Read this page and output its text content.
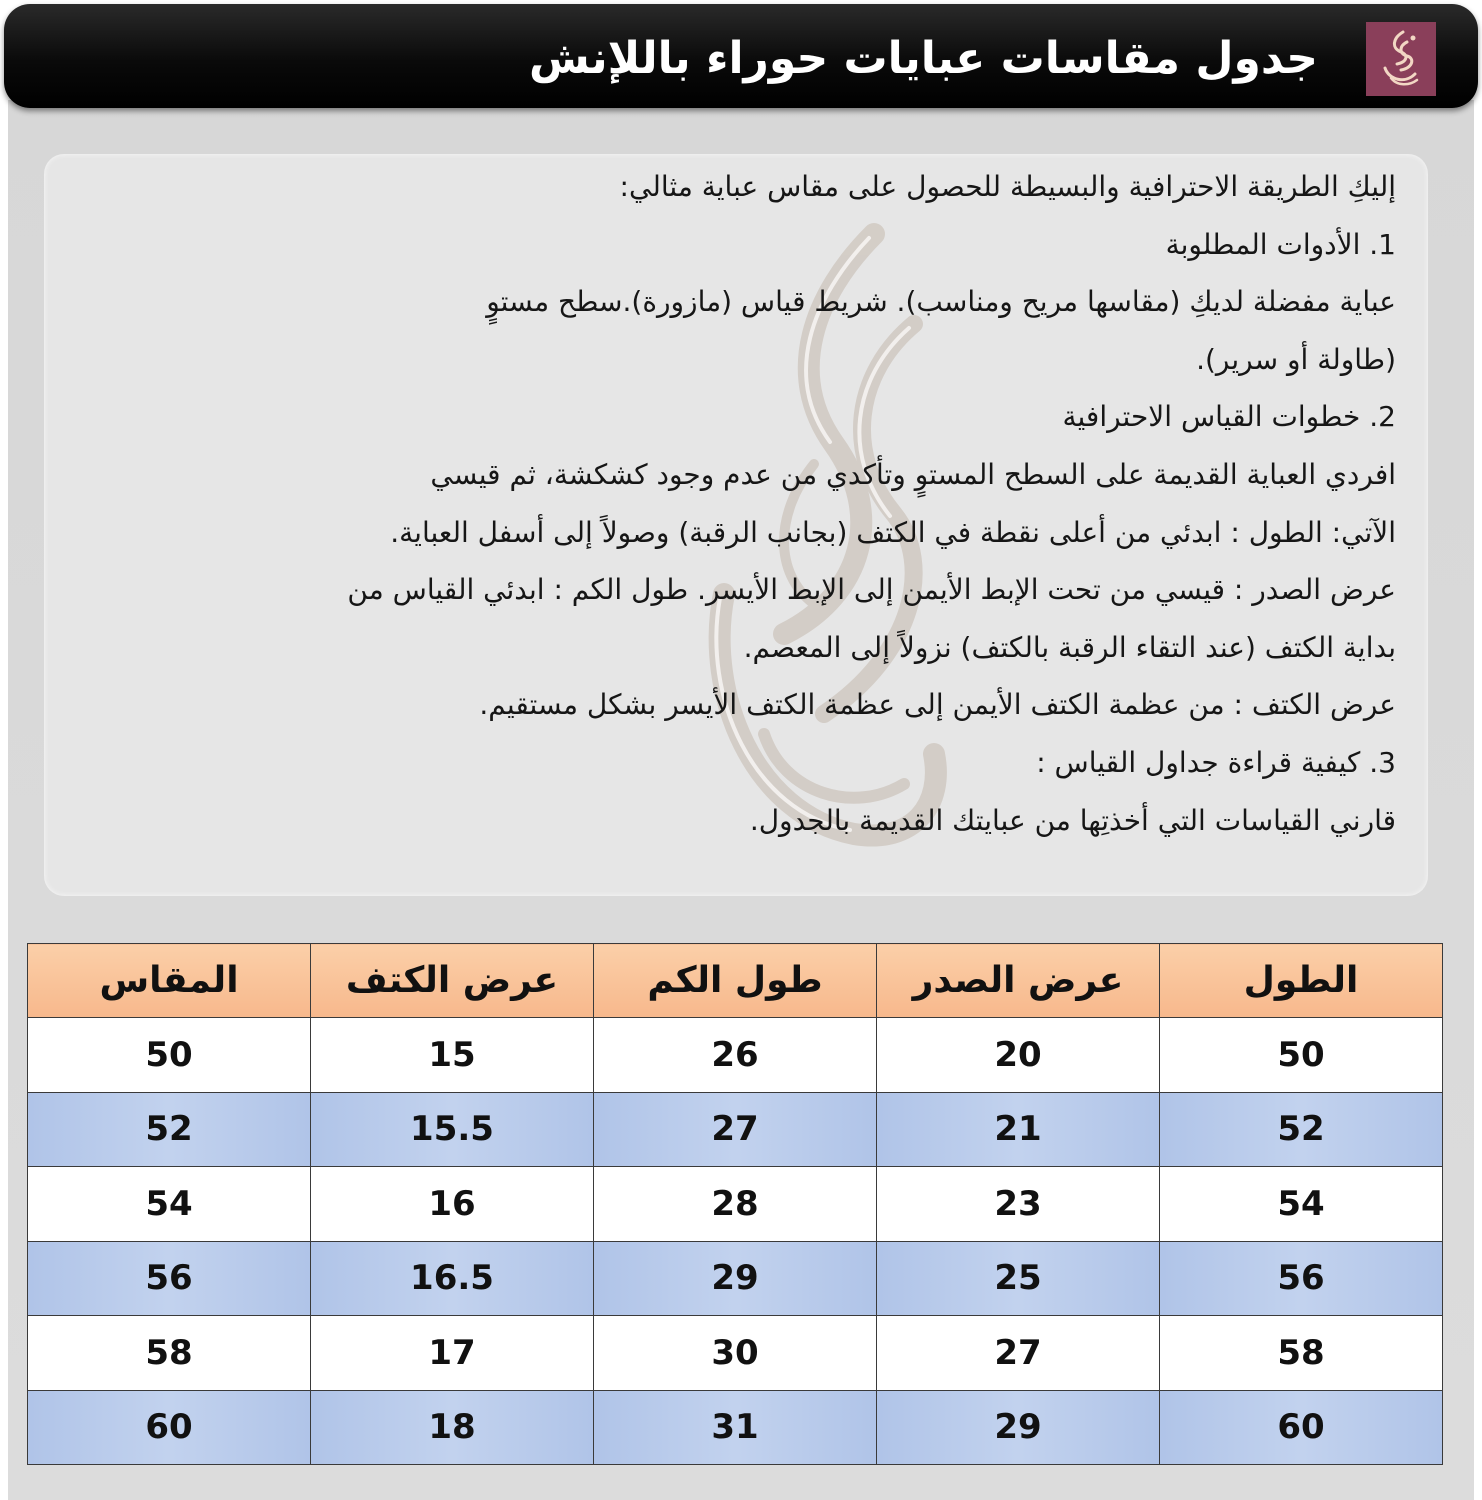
جدول مقاسات عبايات حوراء باللإنش
إليكِ الطريقة الاحترافية والبسيطة للحصول على مقاس عباية مثالي:
1. الأدوات المطلوبة
عباية مفضلة لديكِ (مقاسها مريح ومناسب). شريط قياس (مازورة).سطح مستوٍ
(طاولة أو سرير).
2. خطوات القياس الاحترافية
افردي العباية القديمة على السطح المستوٍ وتأكدي من عدم وجود كشكشة، ثم قيسي
الآتي: الطول : ابدئي من أعلى نقطة في الكتف (بجانب الرقبة) وصولاً إلى أسفل العباية.
عرض الصدر : قيسي من تحت الإبط الأيمن إلى الإبط الأيسر. طول الكم : ابدئي القياس من
بداية الكتف (عند التقاء الرقبة بالكتف) نزولاً إلى المعصم.
عرض الكتف : من عظمة الكتف الأيمن إلى عظمة الكتف الأيسر بشكل مستقيم.
3. كيفية قراءة جداول القياس :
قارني القياسات التي أخذتِها من عبايتك القديمة بالجدول.
الطول	عرض الصدر	طول الكم	عرض الكتف	المقاس
50	20	26	15	50
52	21	27	15.5	52
54	23	28	16	54
56	25	29	16.5	56
58	27	30	17	58
60	29	31	18	60
